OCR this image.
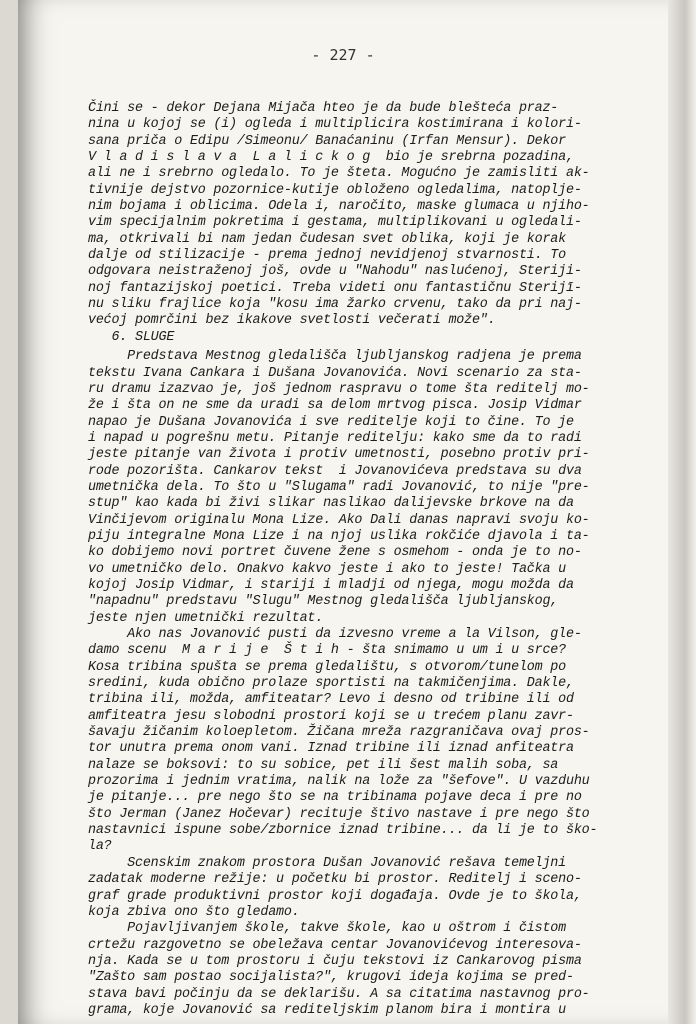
- 227 -
Čini se - dekor Dejana Mijača hteo je da bude blešteća praz-
nina u kojoj se (i) ogleda i multiplicira kostimirana i kolori-
sana priča o Edipu /Simeonu/ Banaćaninu (Irfan Mensur). Dekor
V l a d i s l a v a  L a l i c k o g  bio je srebrna pozadina,
ali ne i srebrno ogledalo. To je šteta. Mogućno je zamisliti ak-
tivnije dejstvo pozornice-kutije obloženo ogledalima, natoplje-
nim bojama i oblicima. Odela i, naročito, maske glumaca u njiho-
vim specijalnim pokretima i gestama, multiplikovani u ogledali-
ma, otkrivali bi nam jedan čudesan svet oblika, koji je korak
dalje od stilizacije - prema jednoj nevidjenoj stvarnosti. To
odgovara neistraženoj još, ovde u "Nahodu" naslućenoj, Steriji-
noj fantazijskoj poetici. Treba videti onu fantastičnu Sterijī-
nu sliku frajlice koja "kosu ima žarko crvenu, tako da pri naj-
većoj pomrčini bez ikakove svetlosti večerati može".
6. SLUGE
Predstava Mestnog gledališča ljubljanskog radjena je prema
tekstu Ivana Cankara i Dušana Jovanovića. Novi scenario za sta-
ru dramu izazvao je, još jednom raspravu o tome šta reditelj mo-
že i šta on ne sme da uradi sa delom mrtvog pisca. Josip Vidmar
napao je Dušana Jovanovića i sve reditelje koji to čine. To je
i napad u pogrešnu metu. Pitanje reditelju: kako sme da to radi
jeste pitanje van života i protiv umetnosti, posebno protiv pri-
rode pozorišta. Cankarov tekst  i Jovanovićeva predstava su dva
umetnička dela. To što u "Slugama" radi Jovanović, to nije "pre-
stup" kao kada bi živi slikar naslikao dalijevske brkove na da
Vinčijevom originalu Mona Lize. Ako Dali danas napravi svoju ko-
piju integralne Mona Lize i na njoj uslika rokčiće djavola i ta-
ko dobijemo novi portret čuvene žene s osmehom - onda je to no-
vo umetničko delo. Onakvo kakvo jeste i ako to jeste! Tačka u
kojoj Josip Vidmar, i stariji i mladji od njega, mogu možda da
"napadnu" predstavu "Slugu" Mestnog gledališča ljubljanskog,
jeste njen umetnički rezultat.
Ako nas Jovanović pusti da izvesno vreme a la Vilson, gle-
damo scenu  M a r i j e  Š t i h - šta snimamo u um i u srce?
Kosa tribina spušta se prema gledalištu, s otvorom/tunelom po
sredini, kuda obično prolaze sportisti na takmičenjima. Dakle,
tribina ili, možda, amfiteatar? Levo i desno od tribine ili od
amfiteatra jesu slobodni prostori koji se u trećem planu zavr-
šavaju žičanim koloepletom. Žičana mreža razgraničava ovaj pros-
tor unutra prema onom vani. Iznad tribine ili iznad anfiteatra
nalaze se boksovi: to su sobice, pet ili šest malih soba, sa
prozorima i jednim vratima, nalik na lože za "šefove". U vazduhu
je pitanje... pre nego što se na tribinama pojave deca i pre no
što Jerman (Janez Hočevar) recituje štivo nastave i pre nego što
nastavnici ispune sobe/zbornice iznad tribine... da li je to ško-
la?
Scenskim znakom prostora Dušan Jovanović rešava temeljni
zadatak moderne režije: u početku bi prostor. Reditelj i sceno-
graf grade produktivni prostor koji događaja. Ovde je to škola,
koja zbiva ono što gledamo.
Pojavljivanjem škole, takve škole, kao u oštrom i čistom
crtežu razgovetno se obeležava centar Jovanovićevog interesova-
nja. Kada se u tom prostoru i čuju tekstovi iz Cankarovog pisma
"Zašto sam postao socijalista?", krugovi ideja kojima se pred-
stava bavi počinju da se deklarišu. A sa citatima nastavnog pro-
grama, koje Jovanović sa rediteljskim planom bira i montira u
